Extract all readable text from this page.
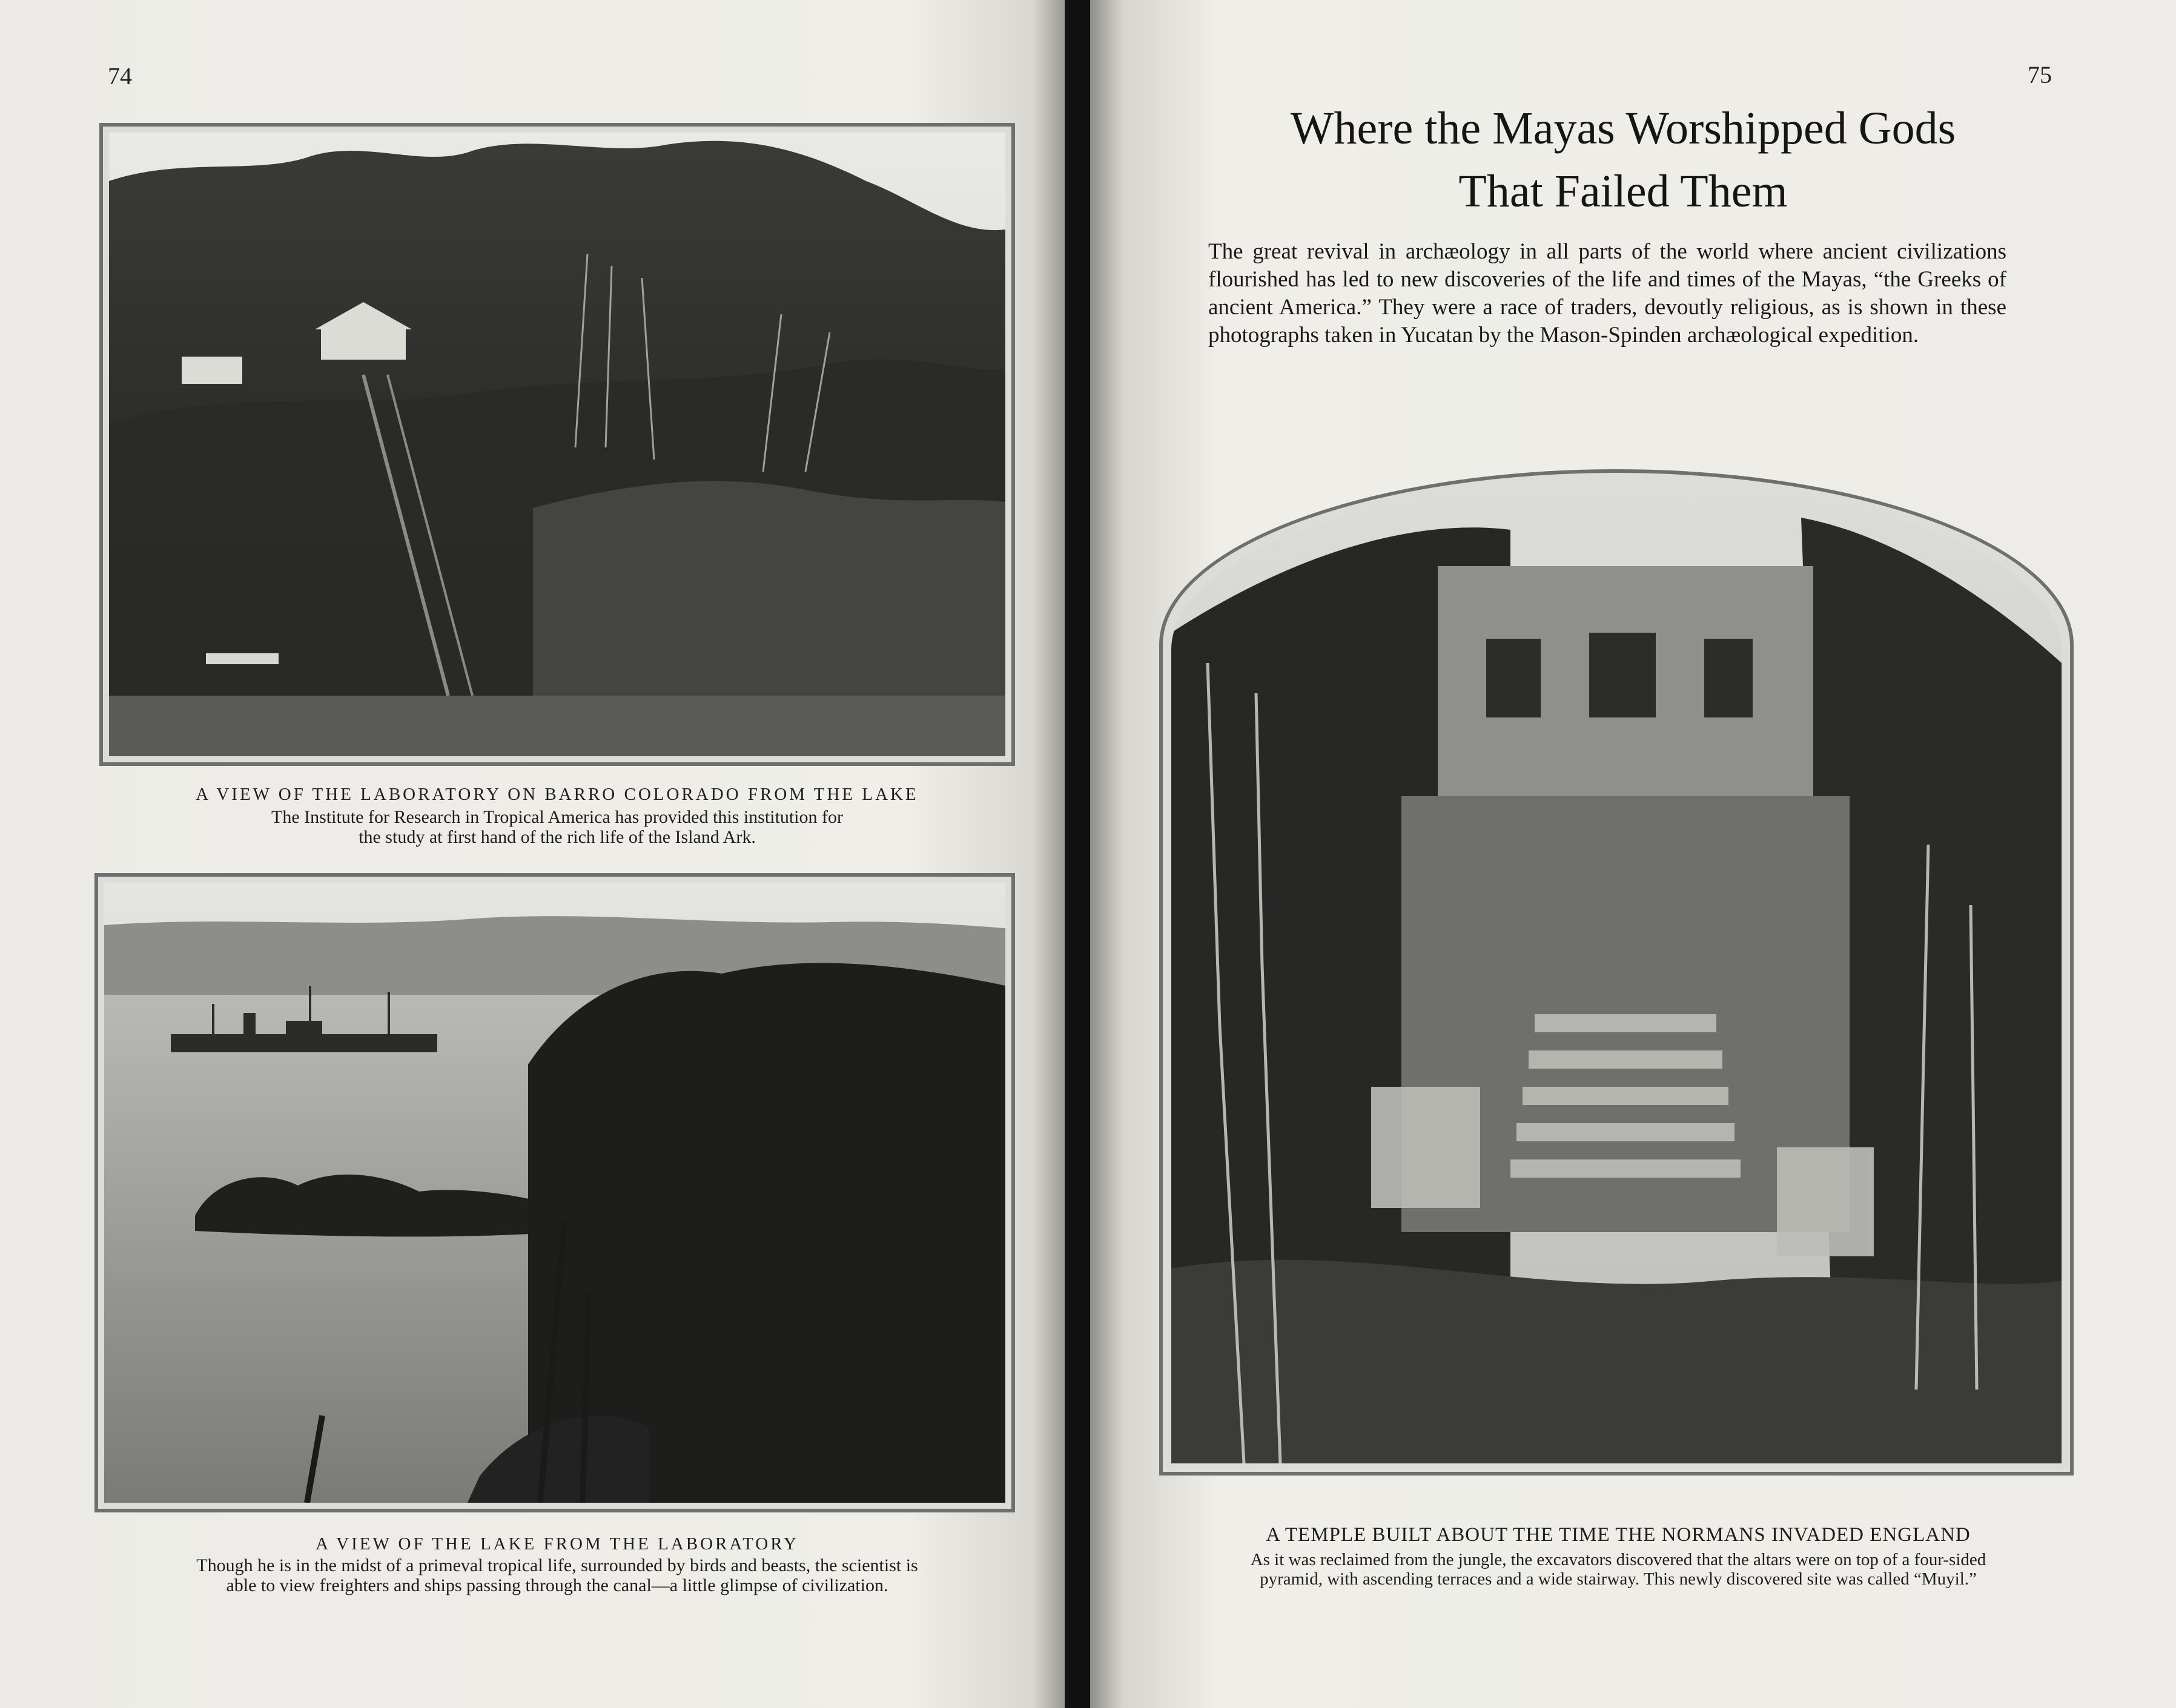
74
A VIEW OF THE LABORATORY ON BARRO COLORADO FROM THE LAKE
The Institute for Research in Tropical America has provided this institution for
the study at first hand of the rich life of the Island Ark.
A VIEW OF THE LAKE FROM THE LABORATORY
Though he is in the midst of a primeval tropical life, surrounded by birds and beasts, the scientist is
able to view freighters and ships passing through the canal—a little glimpse of civilization.
75
Where the Mayas Worshipped Gods
That Failed Them
The great revival in archæology in all parts of the world where ancient civilizations flourished has led to new discoveries of the life and times of the Mayas, “the Greeks of ancient America.” They were a race of traders, devoutly religious, as is shown in these photographs taken in Yucatan by the Mason-Spinden archæological expedition.
A TEMPLE BUILT ABOUT THE TIME THE NORMANS INVADED ENGLAND
As it was reclaimed from the jungle, the excavators discovered that the altars were on top of a four-sided
pyramid, with ascending terraces and a wide stairway. This newly discovered site was called “Muyil.”
